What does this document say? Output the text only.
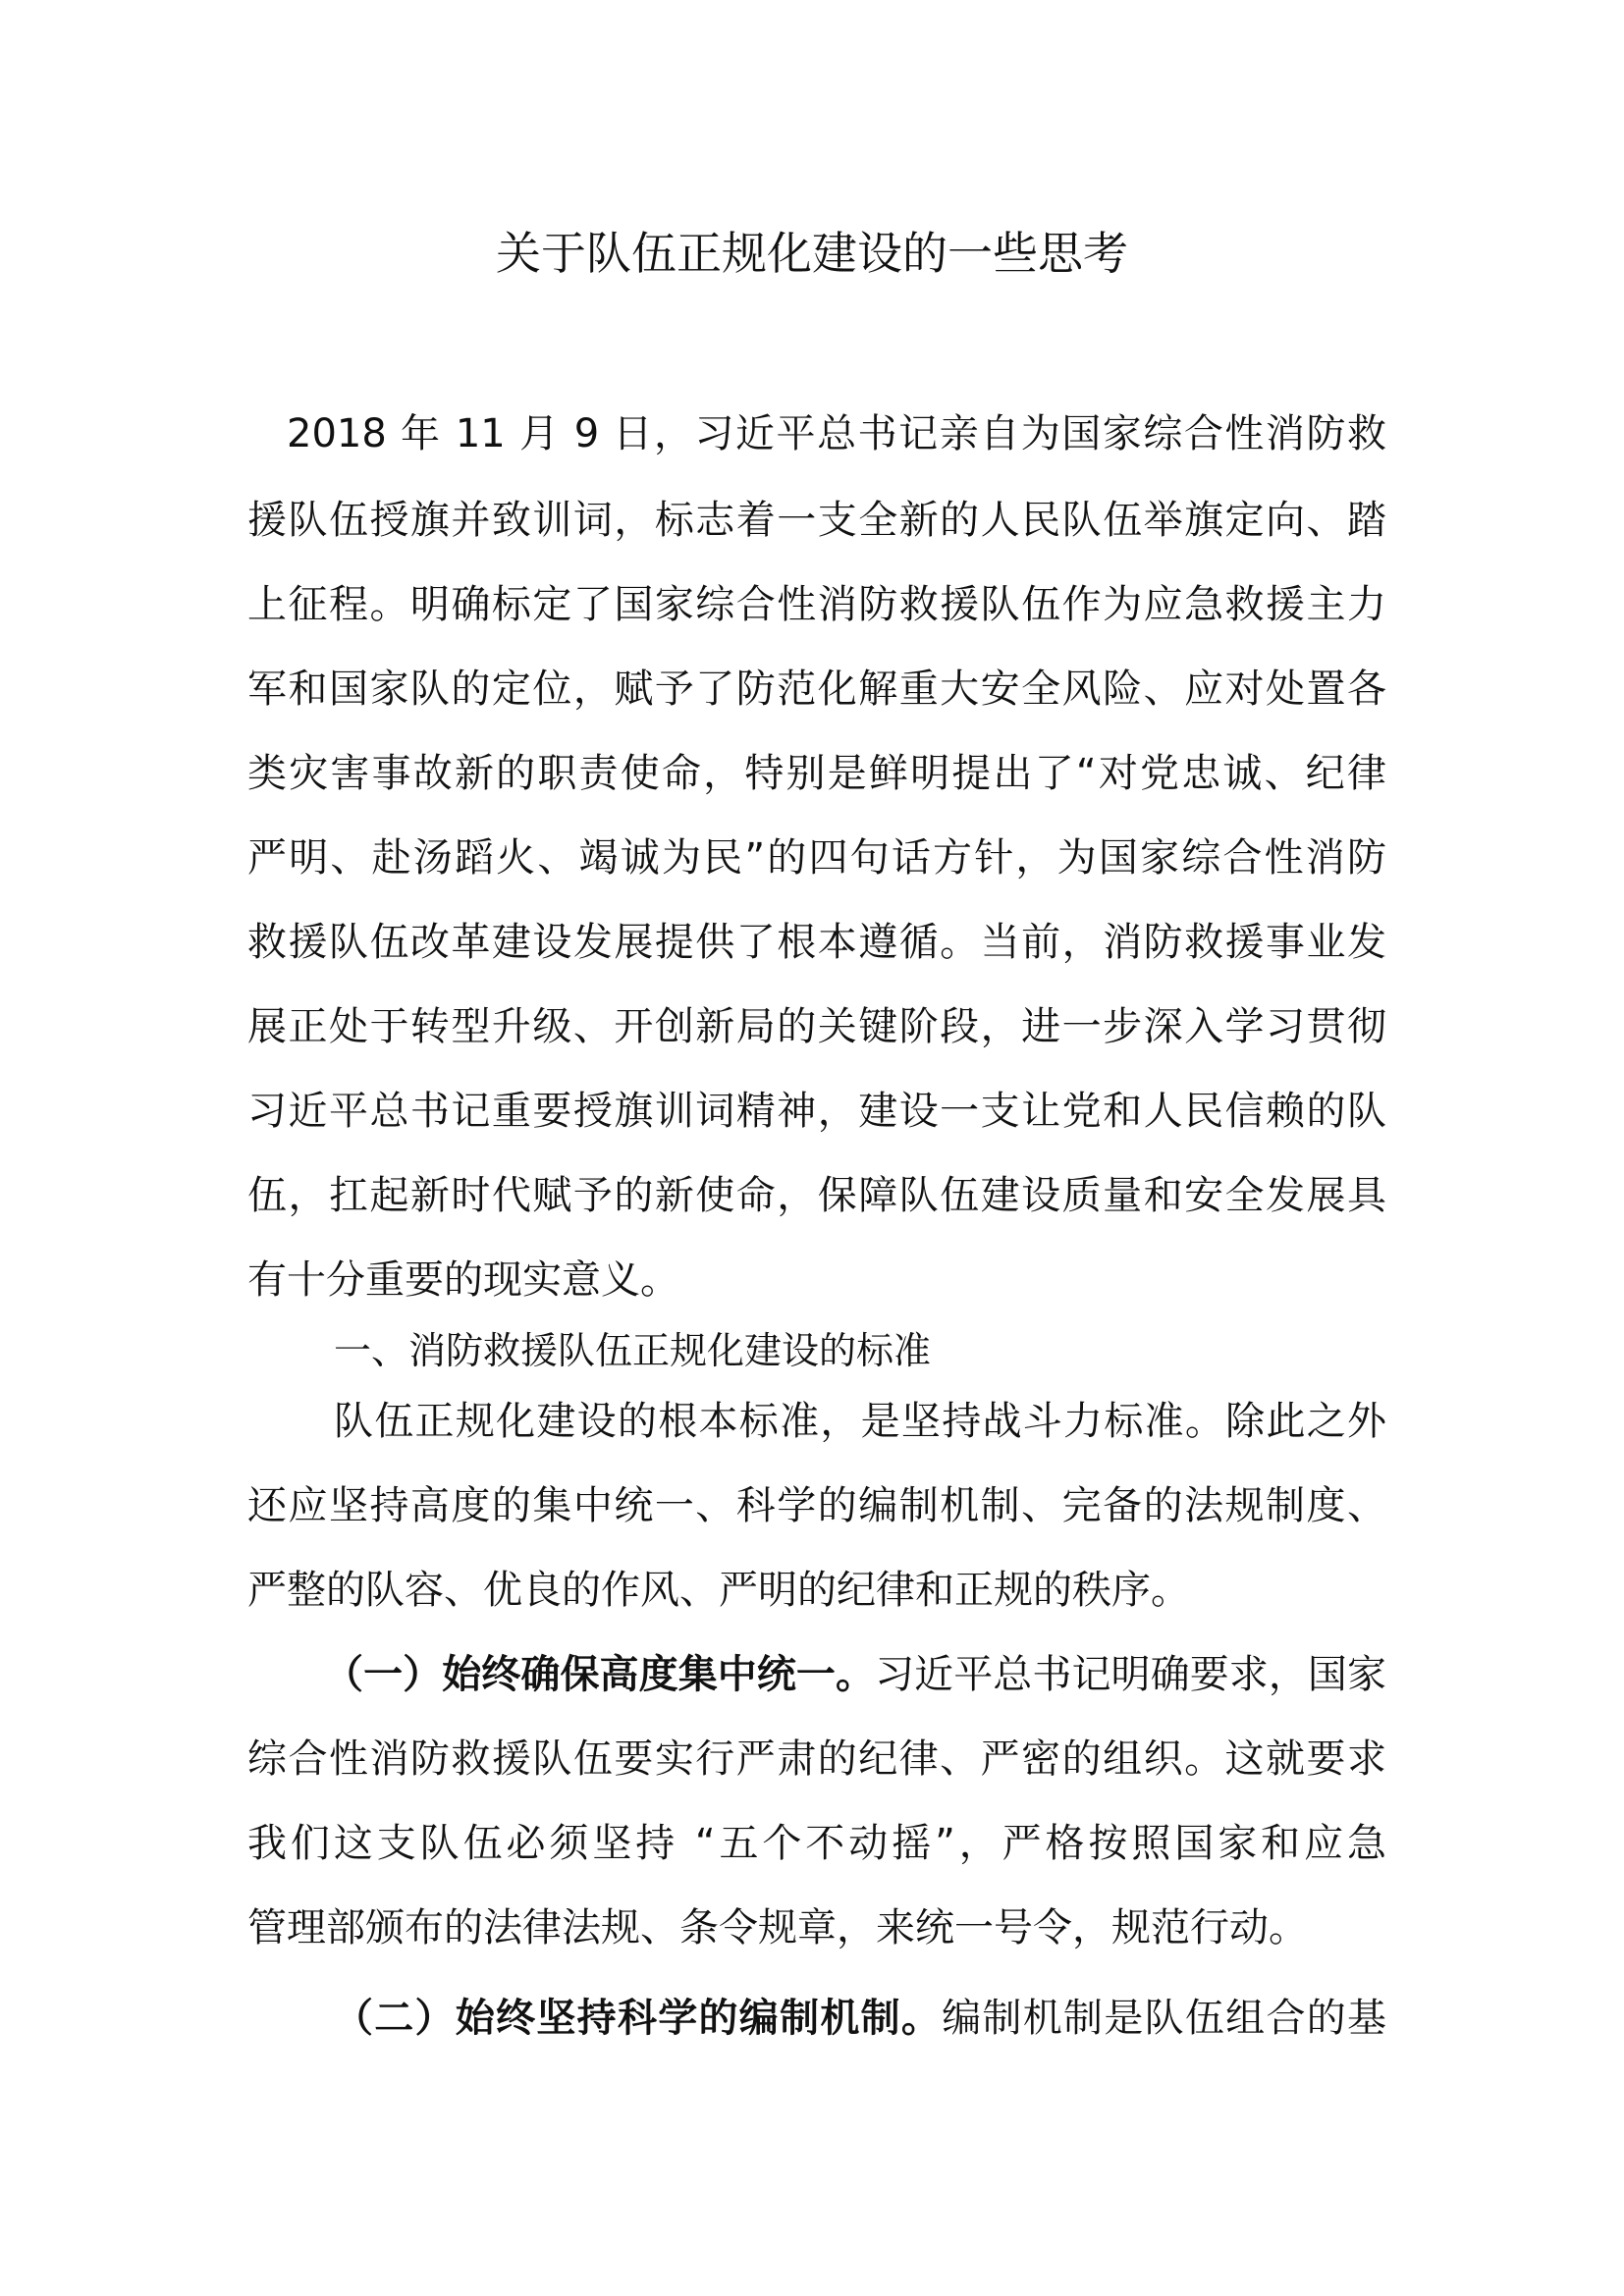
关于队伍正规化建设的一些思考

2018 年 11 月 9 日，习近平总书记亲自为国家综合性消防救

援队伍授旗并致训词，标志着一支全新的人民队伍举旗定向、踏

上征程。明确标定了国家综合性消防救援队伍作为应急救援主力

军和国家队的定位，赋予了防范化解重大安全风险、应对处置各

类灾害事故新的职责使命，特别是鲜明提出了“对党忠诚、纪律

严明、赴汤蹈火、竭诚为民”的四句话方针，为国家综合性消防

救援队伍改革建设发展提供了根本遵循。当前，消防救援事业发

展正处于转型升级、开创新局的关键阶段，进一步深入学习贯彻

习近平总书记重要授旗训词精神，建设一支让党和人民信赖的队

伍，扛起新时代赋予的新使命，保障队伍建设质量和安全发展具

有十分重要的现实意义。

一、消防救援队伍正规化建设的标准

队伍正规化建设的根本标准，是坚持战斗力标准。除此之外

还应坚持高度的集中统一、科学的编制机制、完备的法规制度、

严整的队容、优良的作风、严明的纪律和正规的秩序。

（一）始终确保高度集中统一。习近平总书记明确要求，国家

综合性消防救援队伍要实行严肃的纪律、严密的组织。这就要求

我们这支队伍必须坚持 “五个不动摇”，严格按照国家和应急

管理部颁布的法律法规、条令规章，来统一号令，规范行动。

（二）始终坚持科学的编制机制。编制机制是队伍组合的基
